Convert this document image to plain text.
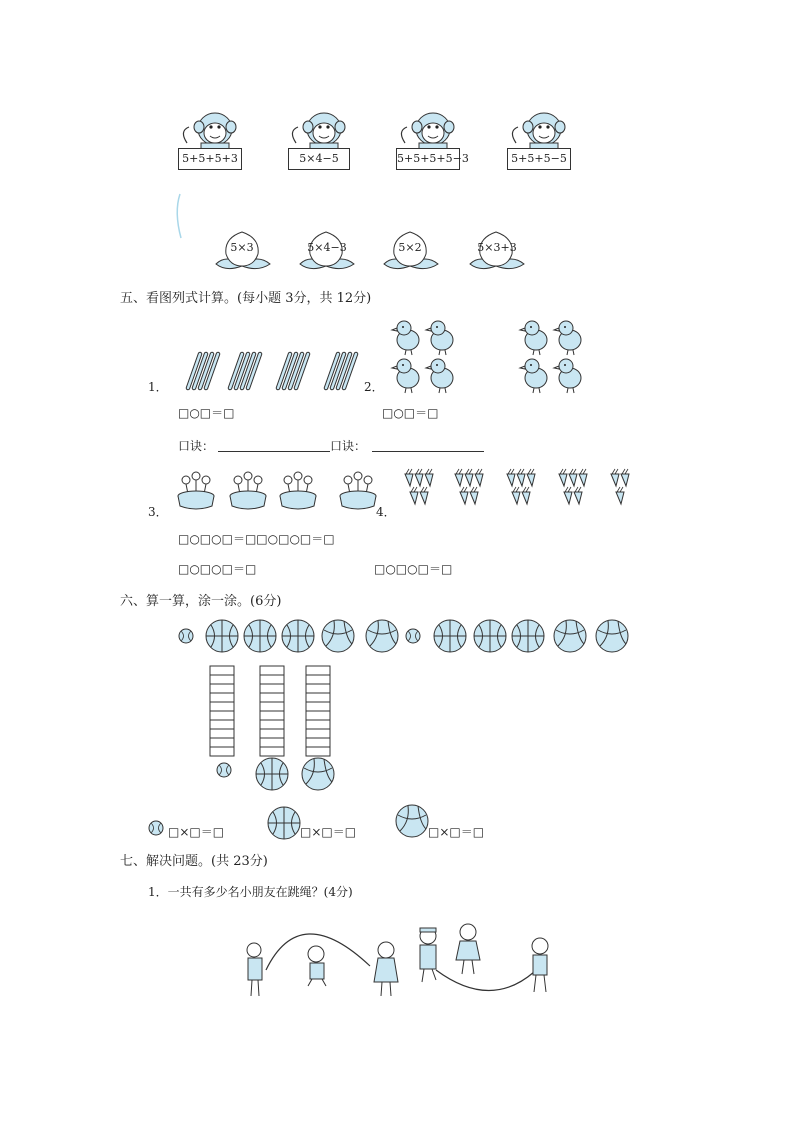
5+5+5+3	5×4−5	5+5+5+5−3	5+5+5−5
5×3	5×4−3	5×2	5×3+3
五、看图列式计算。(每小题 3分，共 12分)
1．	2．
□○□＝□	□○□＝□
口诀：	口诀：
3．	4．
□○□○□＝□□○□○□＝□
□○□○□＝□	□○□○□＝□
六、算一算，涂一涂。(6分)
□×□＝□	□×□＝□	□×□＝□
七、解决问题。(共 23分)
1．一共有多少名小朋友在跳绳？(4分)
